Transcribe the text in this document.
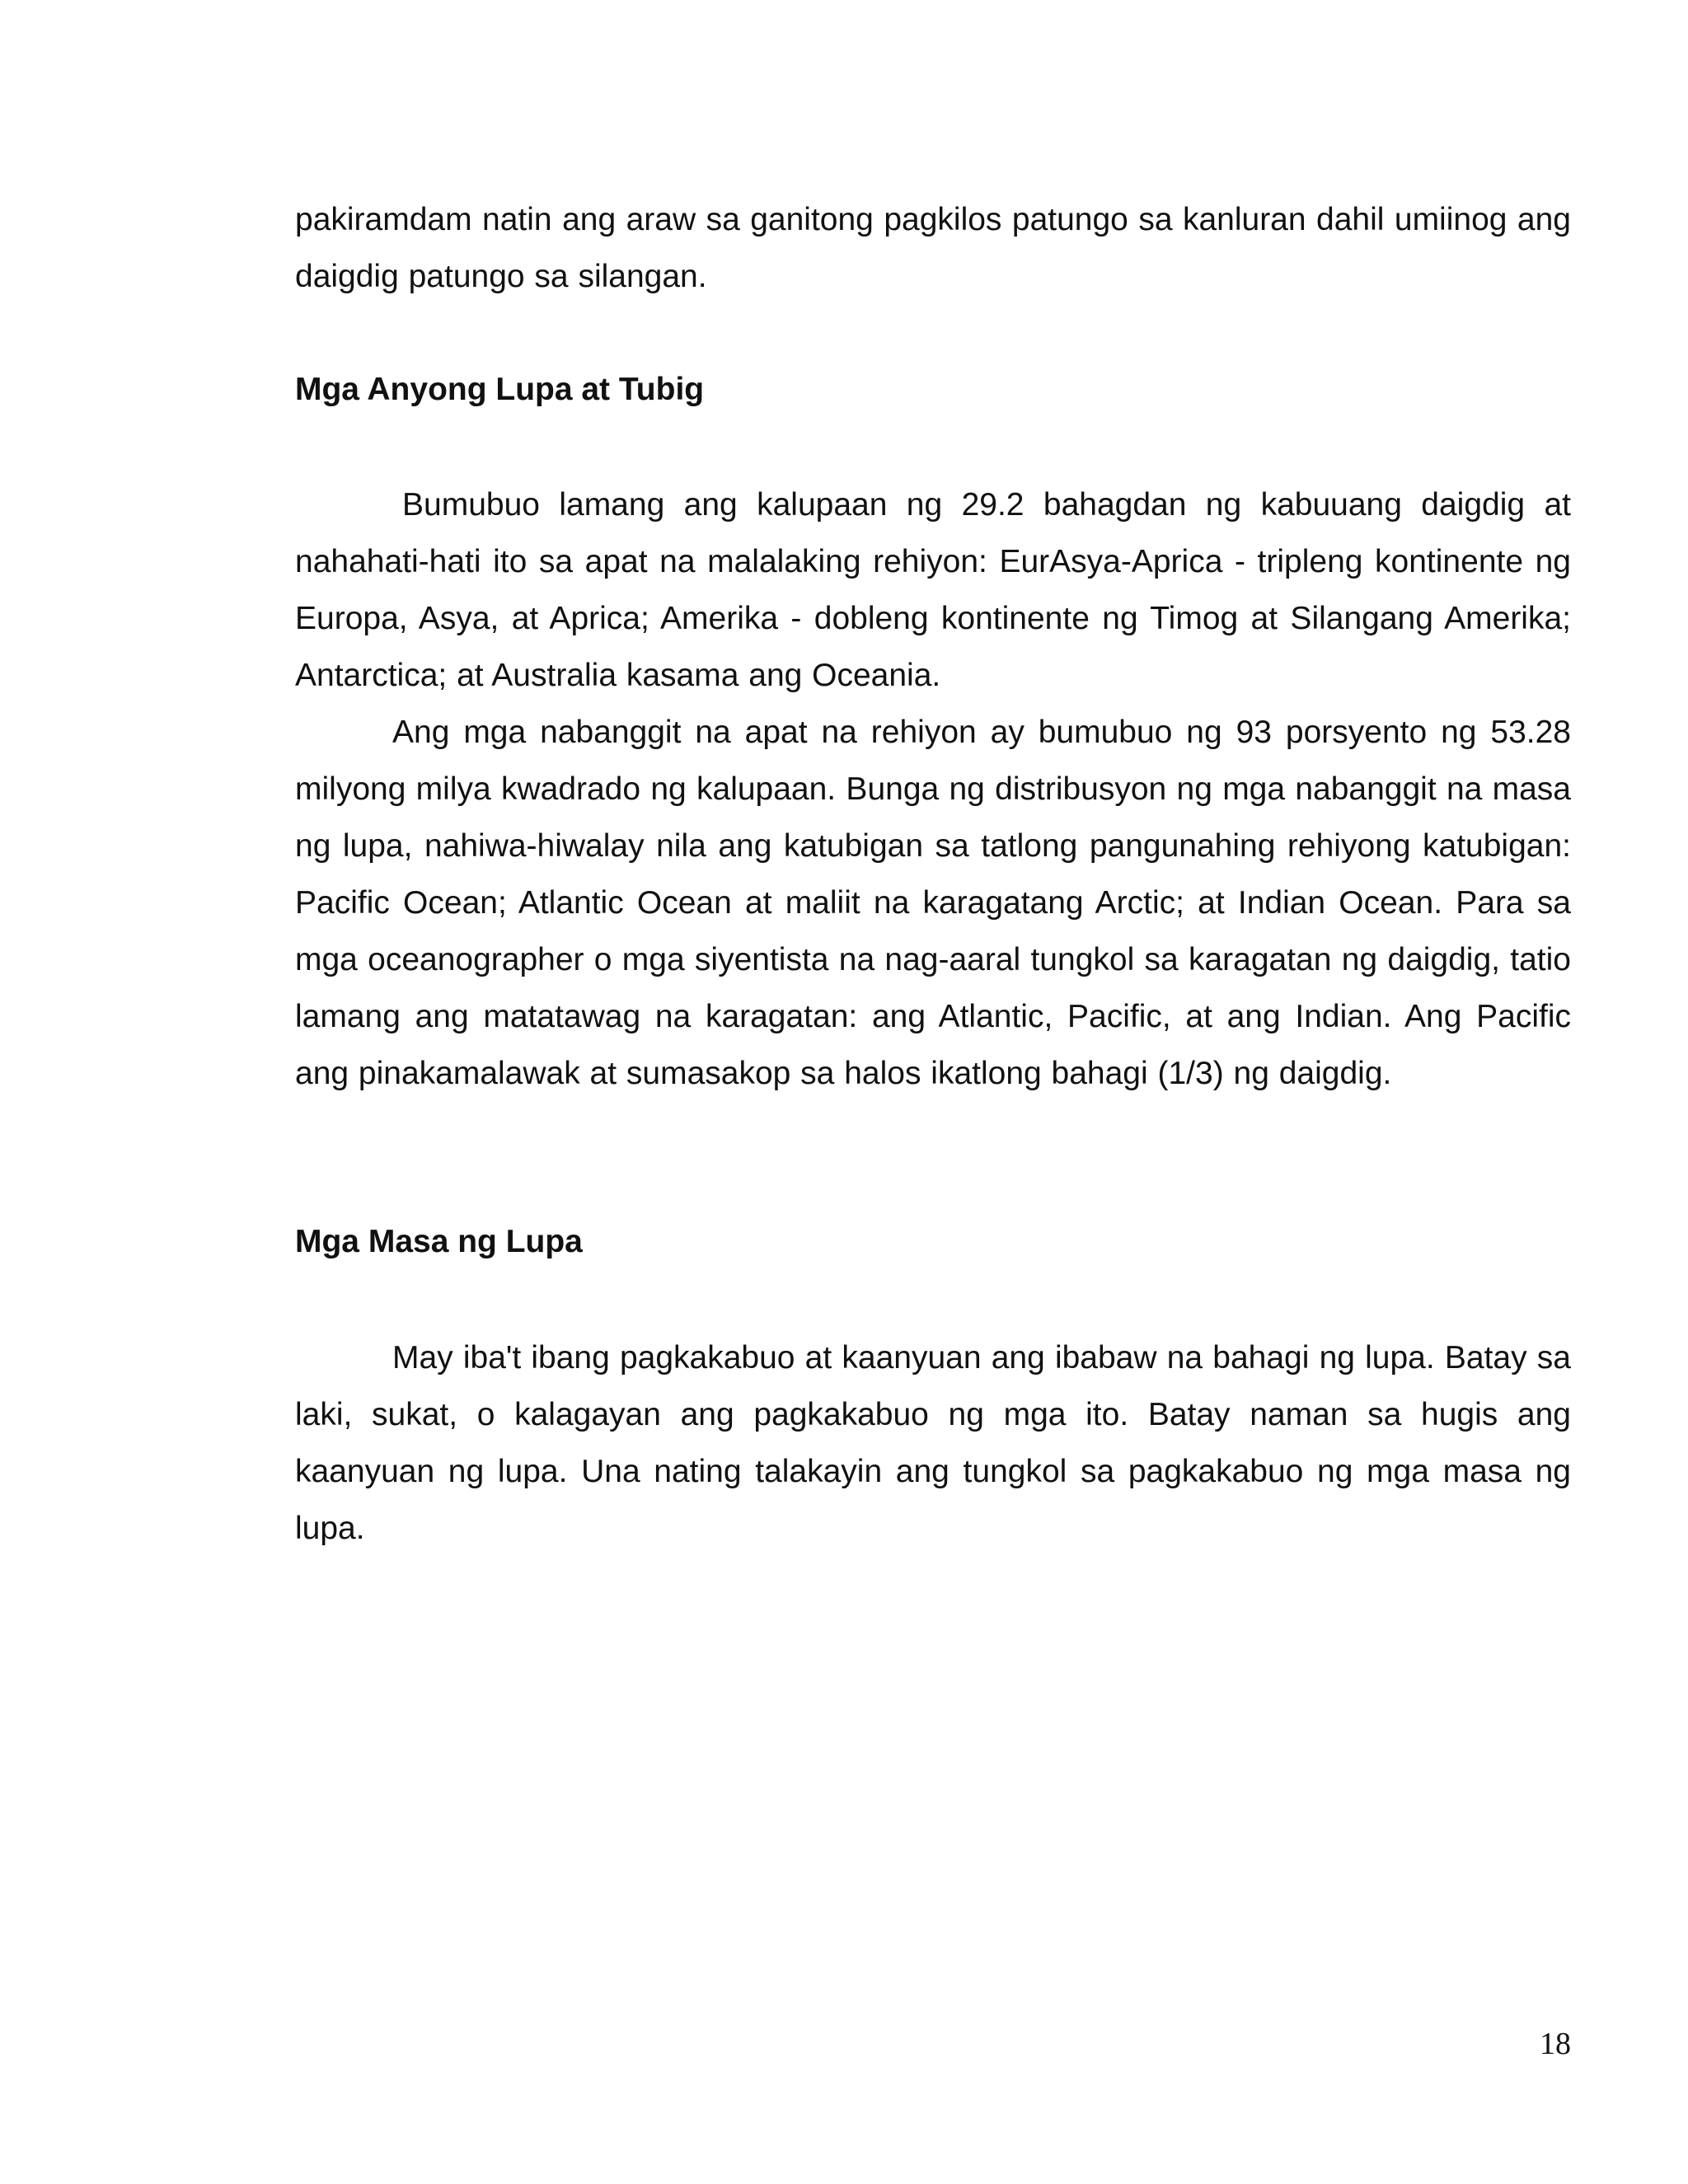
pakiramdam natin ang araw sa ganitong pagkilos patungo sa kanluran dahil umiinog ang daigdig patungo sa silangan.

Mga Anyong Lupa at Tubig

Bumubuo lamang ang kalupaan ng 29.2 bahagdan ng kabuuang daigdig at nahahati-hati ito sa apat na malalaking rehiyon: EurAsya-Aprica - tripleng kontinente ng Europa, Asya, at Aprica; Amerika - dobleng kontinente ng Timog at Silangang Amerika; Antarctica; at Australia kasama ang Oceania.

Ang mga nabanggit na apat na rehiyon ay bumubuo ng 93 porsyento ng 53.28 milyong milya kwadrado ng kalupaan. Bunga ng distribusyon ng mga nabanggit na masa ng lupa, nahiwa-hiwalay nila ang katubigan sa tatlong pangunahing rehiyong katubigan: Pacific Ocean; Atlantic Ocean at maliit na karagatang Arctic; at Indian Ocean. Para sa mga oceanographer o mga siyentista na nag-aaral tungkol sa karagatan ng daigdig, tatio lamang ang matatawag na karagatan: ang Atlantic, Pacific, at ang Indian. Ang Pacific ang pinakamalawak at sumasakop sa halos ikatlong bahagi (1/3) ng daigdig.

Mga Masa ng Lupa

May iba't ibang pagkakabuo at kaanyuan ang ibabaw na bahagi ng lupa. Batay sa laki, sukat, o kalagayan ang pagkakabuo ng mga ito. Batay naman sa hugis ang kaanyuan ng lupa. Una nating talakayin ang tungkol sa pagkakabuo ng mga masa ng lupa.

18
